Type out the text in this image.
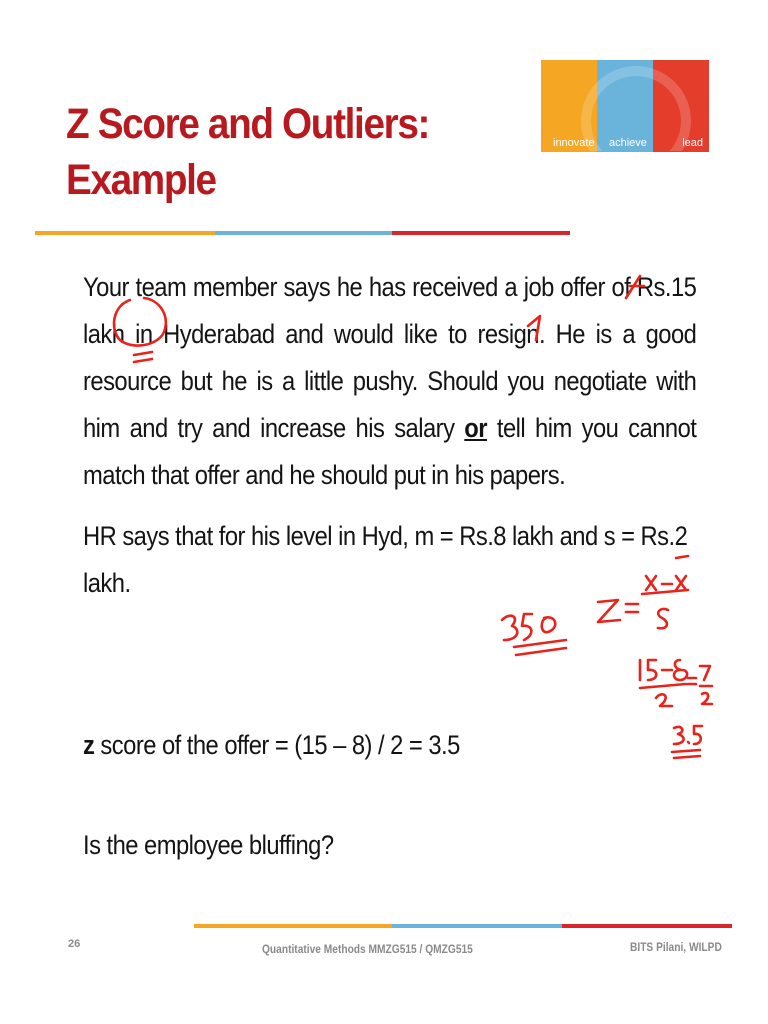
Z Score and Outliers:
Example
innovate achieve	lead

Your team member says he has received a job offer of Rs.15 lakh in Hyderabad and would like to resign. He is a good resource but he is a little pushy. Should you negotiate with him and try and increase his salary or tell him you cannot match that offer and he should put in his papers.

HR says that for his level in Hyd, m = Rs.8 lakh and s = Rs.2 lakh.

z score of the offer = (15 – 8) / 2 = 3.5
Is the employee bluffing?
26	Quantitative Methods MMZG515 / QMZG515	BITS Pilani, WILPD
